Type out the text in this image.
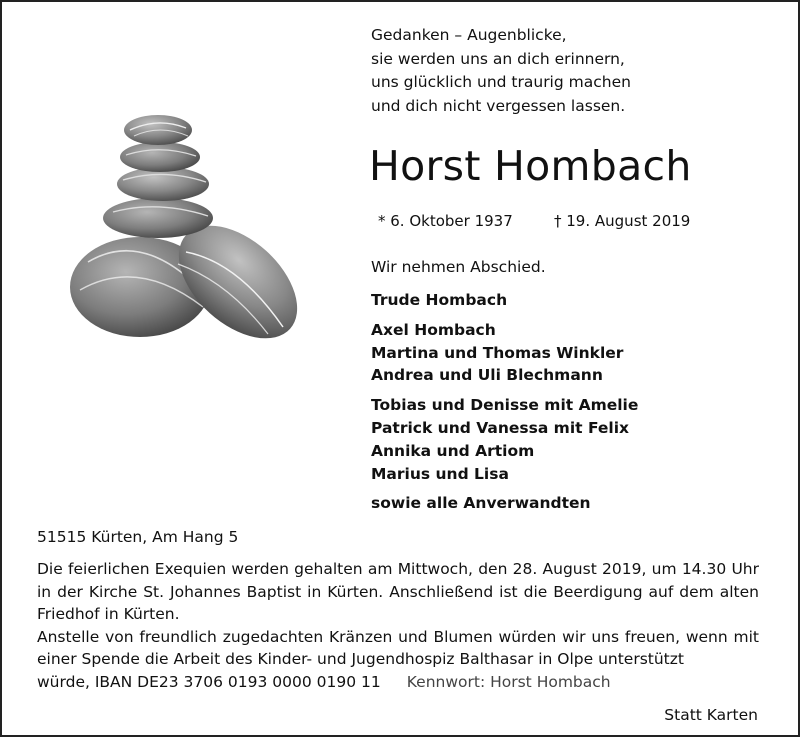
Gedanken – Augenblicke,
sie werden uns an dich erinnern,
uns glücklich und traurig machen
und dich nicht vergessen lassen.
Horst Hombach
* 6. Oktober 1937	† 19. August 2019
Wir nehmen Abschied.
Trude Hombach
Axel Hombach
Martina und Thomas Winkler
Andrea und Uli Blechmann
Tobias und Denisse mit Amelie
Patrick und Vanessa mit Felix
Annika und Artiom
Marius und Lisa
sowie alle Anverwandten
51515 Kürten, Am Hang 5

Die feierlichen Exequien werden gehalten am Mittwoch, den 28. August 2019, um 14.30 Uhr in der Kirche St. Johannes Baptist in Kürten. Anschließend ist die Beerdigung auf dem alten Friedhof in Kürten.

Anstelle von freundlich zugedachten Kränzen und Blumen würden wir uns freuen, wenn mit einer Spende die Arbeit des Kinder- und Jugendhospiz Balthasar in Olpe unterstützt

würde, IBAN DE23 3706 0193 0000 0190 11 Kennwort: Horst Hombach

Statt Karten
